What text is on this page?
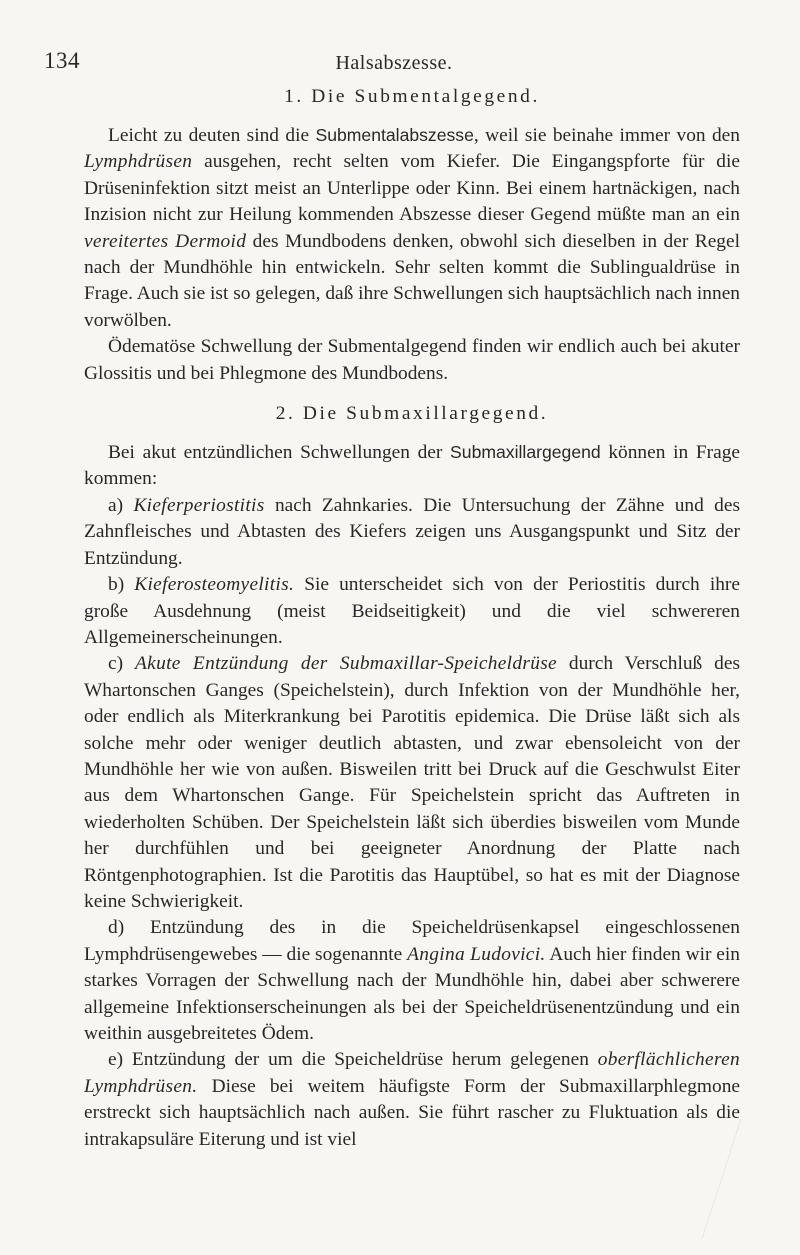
134	Halsabszesse.
1. Die Submentalgegend.

Leicht zu deuten sind die Submentalabszesse, weil sie beinahe immer von den Lymphdrüsen ausgehen, recht selten vom Kiefer. Die Eingangspforte für die Drüseninfektion sitzt meist an Unterlippe oder Kinn. Bei einem hartnäckigen, nach Inzision nicht zur Heilung kommenden Abszesse dieser Gegend müßte man an ein vereitertes Dermoid des Mundbodens denken, obwohl sich dieselben in der Regel nach der Mundhöhle hin entwickeln. Sehr selten kommt die Sublingualdrüse in Frage. Auch sie ist so gelegen, daß ihre Schwellungen sich hauptsächlich nach innen vorwölben.

Ödematöse Schwellung der Submentalgegend finden wir endlich auch bei akuter Glossitis und bei Phlegmone des Mundbodens.

2. Die Submaxillargegend.

Bei akut entzündlichen Schwellungen der Submaxillargegend können in Frage kommen:

a) Kieferperiostitis nach Zahnkaries. Die Untersuchung der Zähne und des Zahnfleisches und Abtasten des Kiefers zeigen uns Ausgangspunkt und Sitz der Entzündung.

b) Kieferosteomyelitis. Sie unterscheidet sich von der Periostitis durch ihre große Ausdehnung (meist Beidseitigkeit) und die viel schwereren Allgemeinerscheinungen.

c) Akute Entzündung der Submaxillar-Speicheldrüse durch Verschluß des Whartonschen Ganges (Speichelstein), durch Infektion von der Mundhöhle her, oder endlich als Miterkrankung bei Parotitis epidemica. Die Drüse läßt sich als solche mehr oder weniger deutlich abtasten, und zwar ebensoleicht von der Mundhöhle her wie von außen. Bisweilen tritt bei Druck auf die Geschwulst Eiter aus dem Whartonschen Gange. Für Speichelstein spricht das Auftreten in wiederholten Schüben. Der Speichelstein läßt sich überdies bisweilen vom Munde her durchfühlen und bei geeigneter Anordnung der Platte nach Röntgenphotographien. Ist die Parotitis das Hauptübel, so hat es mit der Diagnose keine Schwierigkeit.

d) Entzündung des in die Speicheldrüsenkapsel eingeschlossenen Lymphdrüsengewebes — die sogenannte Angina Ludovici. Auch hier finden wir ein starkes Vorragen der Schwellung nach der Mundhöhle hin, dabei aber schwerere allgemeine Infektionserscheinungen als bei der Speicheldrüsenentzündung und ein weithin ausgebreitetes Ödem.

e) Entzündung der um die Speicheldrüse herum gelegenen oberflächlicheren Lymphdrüsen. Diese bei weitem häufigste Form der Submaxillarphlegmone erstreckt sich hauptsächlich nach außen. Sie führt rascher zu Fluktuation als die intrakapsuläre Eiterung und ist viel
